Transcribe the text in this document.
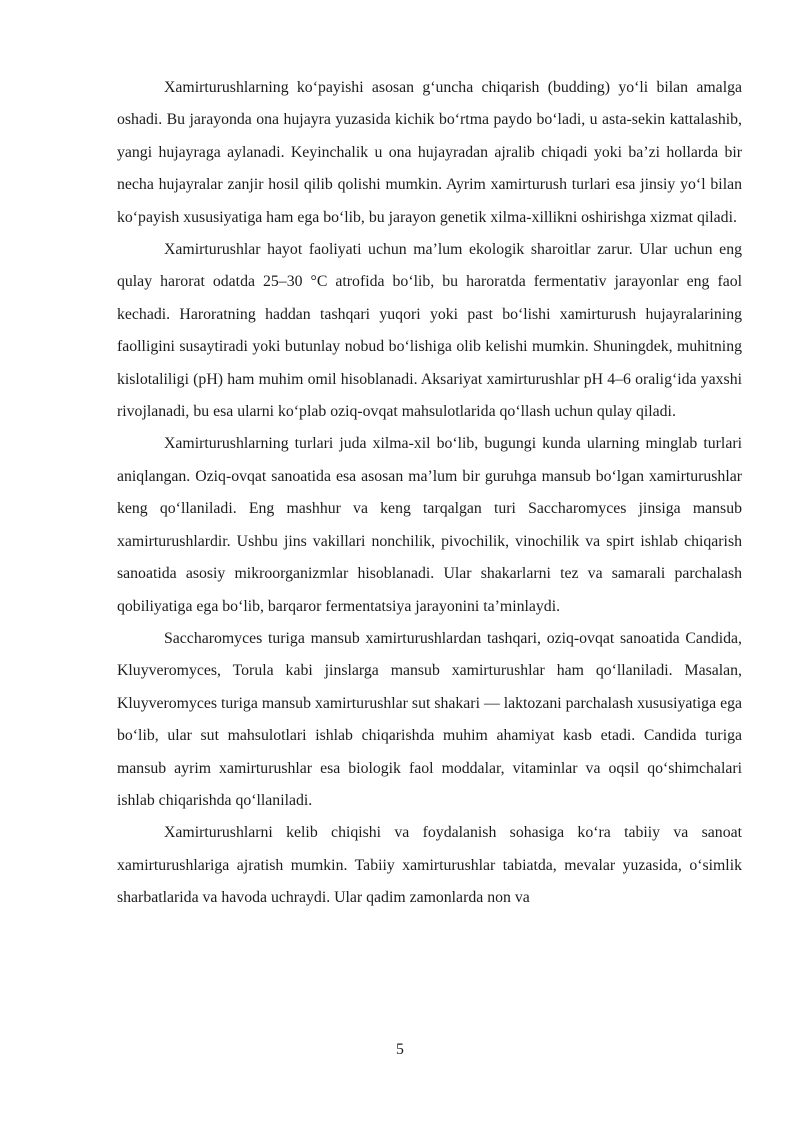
Xamirturushlarning ko‘payishi asosan g‘uncha chiqarish (budding) yo‘li bilan amalga oshadi. Bu jarayonda ona hujayra yuzasida kichik bo‘rtma paydo bo‘ladi, u asta-sekin kattalashib, yangi hujayraga aylanadi. Keyinchalik u ona hujayradan ajralib chiqadi yoki ba’zi hollarda bir necha hujayralar zanjir hosil qilib qolishi mumkin. Ayrim xamirturush turlari esa jinsiy yo‘l bilan ko‘payish xususiyatiga ham ega bo‘lib, bu jarayon genetik xilma-xillikni oshirishga xizmat qiladi.

Xamirturushlar hayot faoliyati uchun ma’lum ekologik sharoitlar zarur. Ular uchun eng qulay harorat odatda 25–30 °C atrofida bo‘lib, bu haroratda fermentativ jarayonlar eng faol kechadi. Haroratning haddan tashqari yuqori yoki past bo‘lishi xamirturush hujayralarining faolligini susaytiradi yoki butunlay nobud bo‘lishiga olib kelishi mumkin. Shuningdek, muhitning kislotaliligi (pH) ham muhim omil hisoblanadi. Aksariyat xamirturushlar pH 4–6 oralig‘ida yaxshi rivojlanadi, bu esa ularni ko‘plab oziq-ovqat mahsulotlarida qo‘llash uchun qulay qiladi.

Xamirturushlarning turlari juda xilma-xil bo‘lib, bugungi kunda ularning minglab turlari aniqlangan. Oziq-ovqat sanoatida esa asosan ma’lum bir guruhga mansub bo‘lgan xamirturushlar keng qo‘llaniladi. Eng mashhur va keng tarqalgan turi Saccharomyces jinsiga mansub xamirturushlardir. Ushbu jins vakillari nonchilik, pivochilik, vinochilik va spirt ishlab chiqarish sanoatida asosiy mikroorganizmlar hisoblanadi. Ular shakarlarni tez va samarali parchalash qobiliyatiga ega bo‘lib, barqaror fermentatsiya jarayonini ta’minlaydi.

Saccharomyces turiga mansub xamirturushlardan tashqari, oziq-ovqat sanoatida Candida, Kluyveromyces, Torula kabi jinslarga mansub xamirturushlar ham qo‘llaniladi. Masalan, Kluyveromyces turiga mansub xamirturushlar sut shakari — laktozani parchalash xususiyatiga ega bo‘lib, ular sut mahsulotlari ishlab chiqarishda muhim ahamiyat kasb etadi. Candida turiga mansub ayrim xamirturushlar esa biologik faol moddalar, vitaminlar va oqsil qo‘shimchalari ishlab chiqarishda qo‘llaniladi.

Xamirturushlarni kelib chiqishi va foydalanish sohasiga ko‘ra tabiiy va sanoat xamirturushlariga ajratish mumkin. Tabiiy xamirturushlar tabiatda, mevalar yuzasida, o‘simlik sharbatlarida va havoda uchraydi. Ular qadim zamonlarda non va

5
